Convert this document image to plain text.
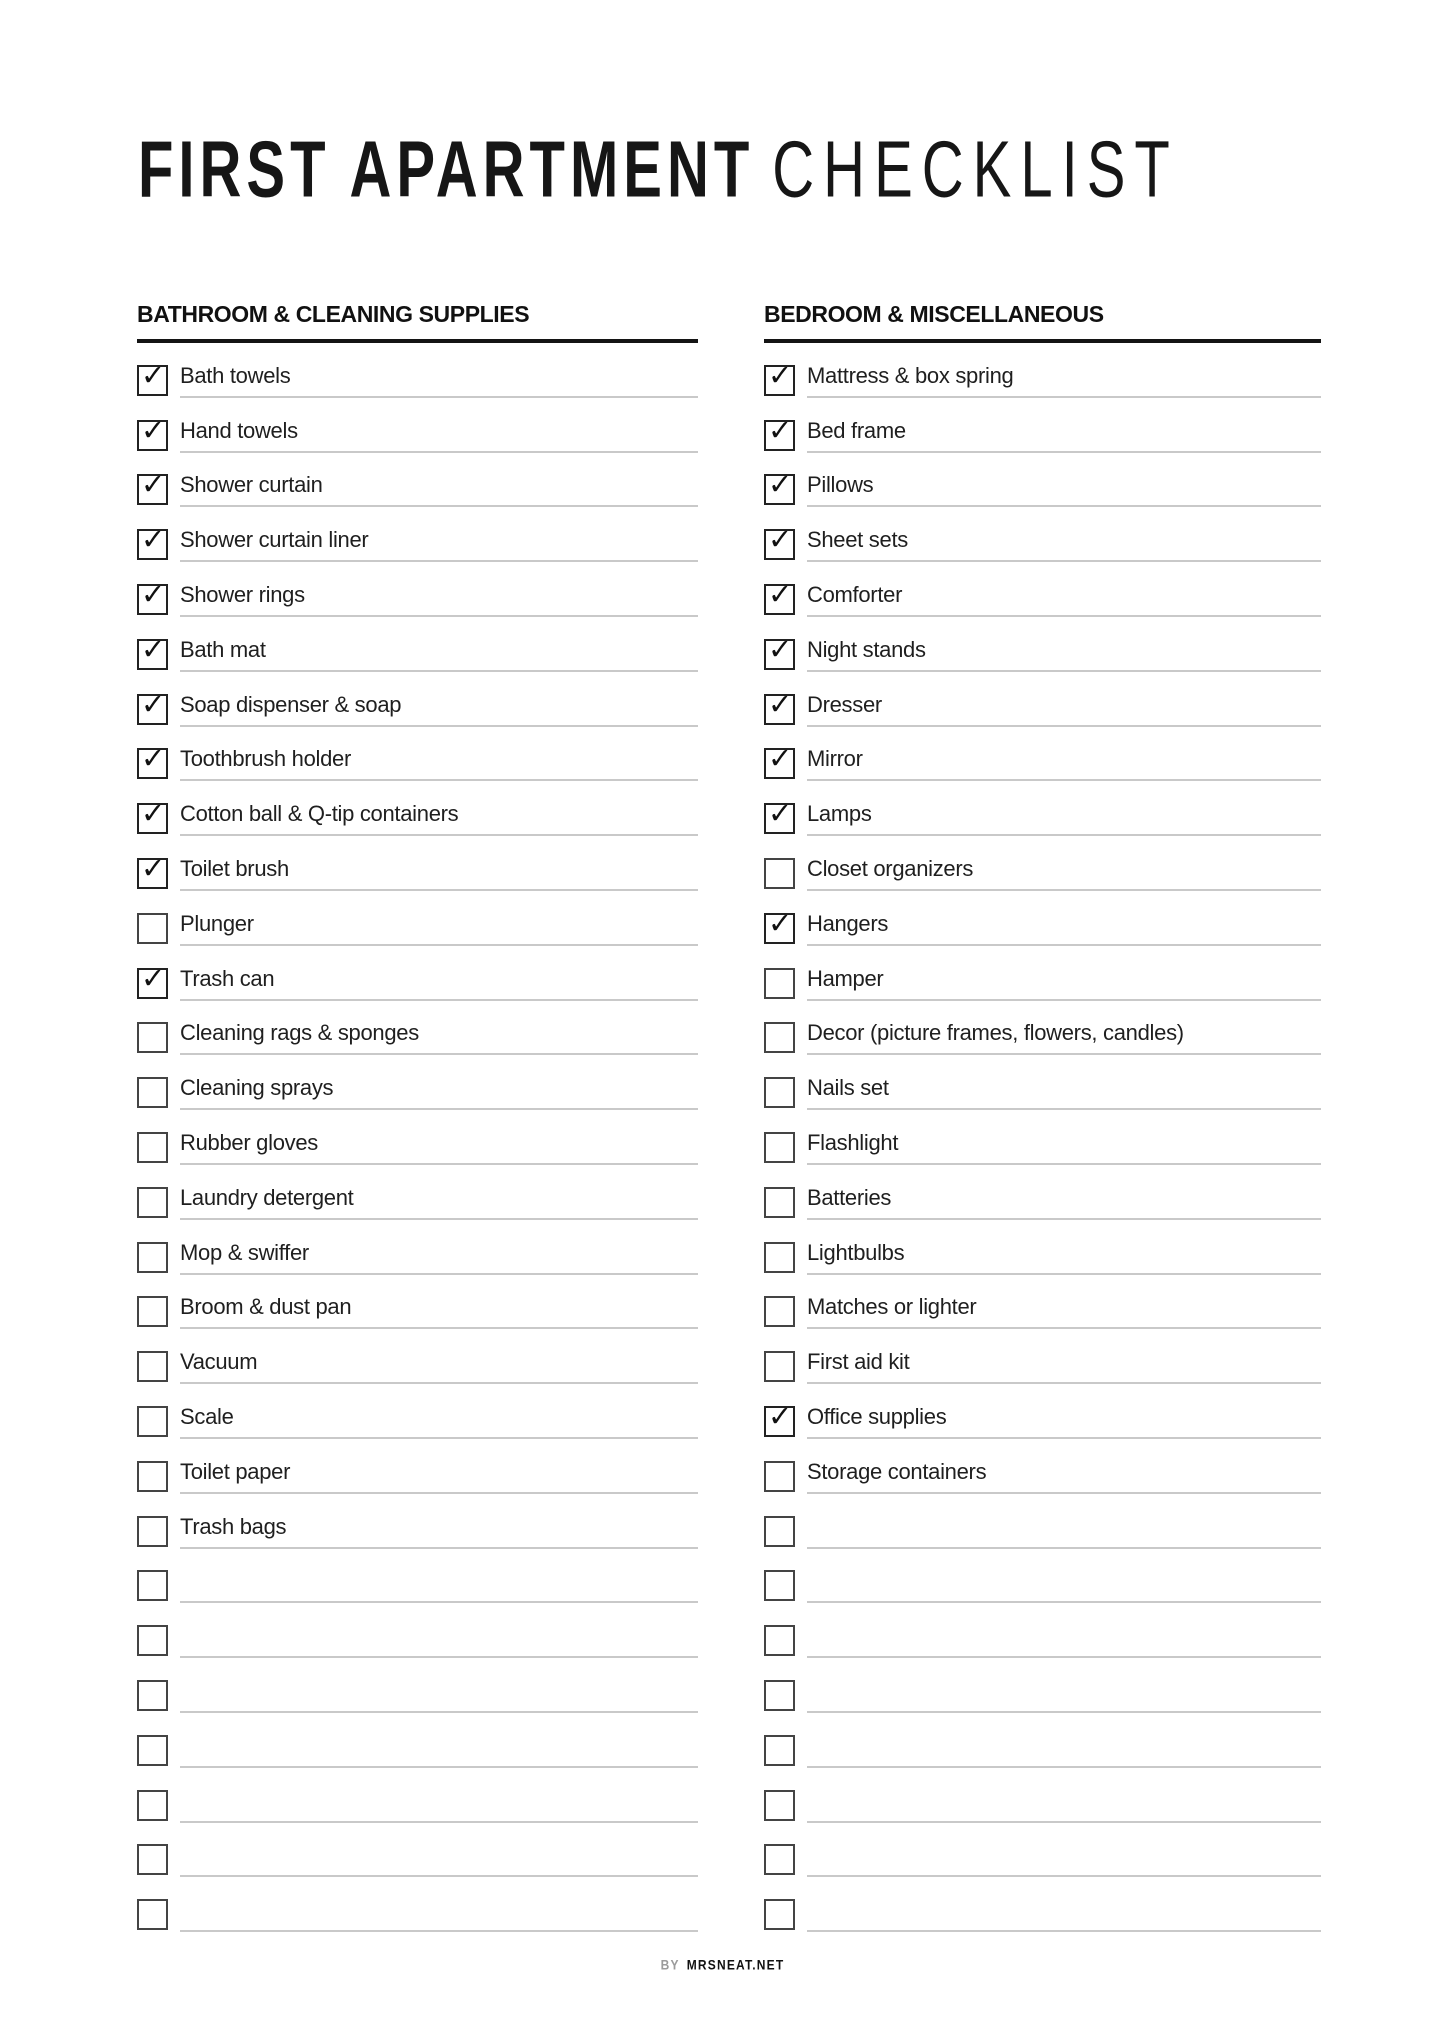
FIRST APARTMENT CHECKLIST
BATHROOM & CLEANING SUPPLIES
✓ Bath towels
✓ Hand towels
✓ Shower curtain
✓ Shower curtain liner
✓ Shower rings
✓ Bath mat
✓ Soap dispenser & soap
✓ Toothbrush holder
✓ Cotton ball & Q-tip containers
✓ Toilet brush
Plunger
✓ Trash can
Cleaning rags & sponges
Cleaning sprays
Rubber gloves
Laundry detergent
Mop & swiffer
Broom & dust pan
Vacuum
Scale
Toilet paper
Trash bags
BEDROOM & MISCELLANEOUS
✓ Mattress & box spring
✓ Bed frame
✓ Pillows
✓ Sheet sets
✓ Comforter
✓ Night stands
✓ Dresser
✓ Mirror
✓ Lamps
Closet organizers
✓ Hangers
Hamper
Decor (picture frames, flowers, candles)
Nails set
Flashlight
Batteries
Lightbulbs
Matches or lighter
First aid kit
✓ Office supplies
Storage containers
BY MRSNEAT.NET
